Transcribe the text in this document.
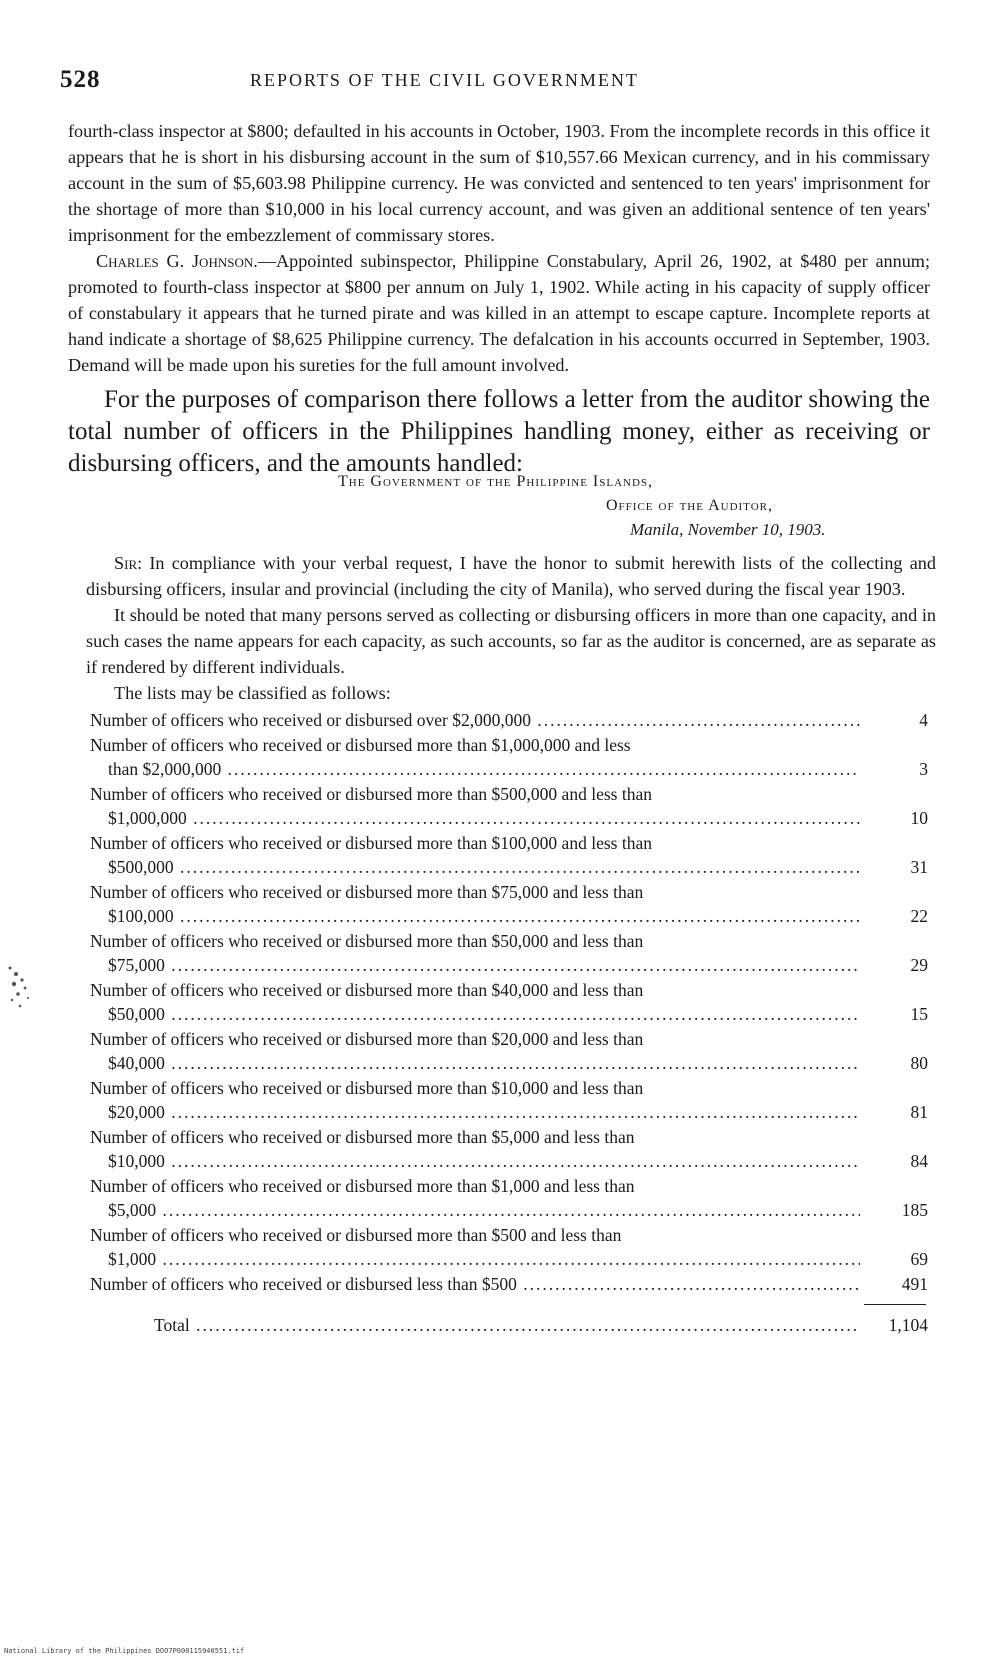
528	REPORTS OF THE CIVIL GOVERNMENT

fourth-class inspector at $800; defaulted in his accounts in October, 1903. From the incomplete records in this office it appears that he is short in his disbursing account in the sum of $10,557.66 Mexican currency, and in his commissary account in the sum of $5,603.98 Philippine currency. He was convicted and sentenced to ten years' imprisonment for the shortage of more than $10,000 in his local currency account, and was given an additional sentence of ten years' imprisonment for the embezzlement of commissary stores.

Charles G. Johnson.—Appointed subinspector, Philippine Constabulary, April 26, 1902, at $480 per annum; promoted to fourth-class inspector at $800 per annum on July 1, 1902. While acting in his capacity of supply officer of constabulary it appears that he turned pirate and was killed in an attempt to escape capture. Incomplete reports at hand indicate a shortage of $8,625 Philippine currency. The defalcation in his accounts occurred in September, 1903. Demand will be made upon his sureties for the full amount involved.

For the purposes of comparison there follows a letter from the auditor showing the total number of officers in the Philippines handling money, either as receiving or disbursing officers, and the amounts handled:

The Government of the Philippine Islands,
Office of the Auditor,
Manila, November 10, 1903.

Sir: In compliance with your verbal request, I have the honor to submit herewith lists of the collecting and disbursing officers, insular and provincial (including the city of Manila), who served during the fiscal year 1903.

It should be noted that many persons served as collecting or disbursing officers in more than one capacity, and in such cases the name appears for each capacity, as such accounts, so far as the auditor is concerned, are as separate as if rendered by different individuals.

The lists may be classified as follows:

Number of officers who received or disbursed over $2,000,000 .....	4
Number of officers who received or disbursed more than $1,000,000 and less
than $2,000,000 .....	3
Number of officers who received or disbursed more than $500,000 and less than
$1,000,000 .....	10
Number of officers who received or disbursed more than $100,000 and less than
$500,000 .....	31
Number of officers who received or disbursed more than $75,000 and less than
$100,000 .....	22
Number of officers who received or disbursed more than $50,000 and less than
$75,000 .....	29
Number of officers who received or disbursed more than $40,000 and less than
$50,000 .....	15
Number of officers who received or disbursed more than $20,000 and less than
$40,000 .....	80
Number of officers who received or disbursed more than $10,000 and less than
$20,000 .....	81
Number of officers who received or disbursed more than $5,000 and less than
$10,000 .....	84
Number of officers who received or disbursed more than $1,000 and less than
$5,000 .....	185
Number of officers who received or disbursed more than $500 and less than
$1,000 .....	69
Number of officers who received or disbursed less than $500 .....	491
Total .....	1,104
National Library of the Philippines DOO7P000115940551.tif
